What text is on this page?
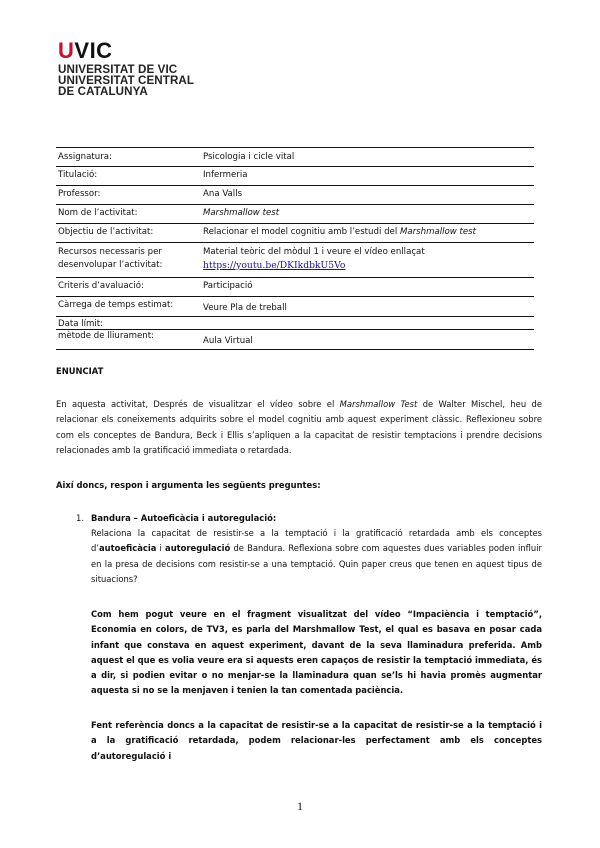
UVIC
UNIVERSITAT DE VIC
UNIVERSITAT CENTRAL
DE CATALUNYA
Assignatura:	Psicologia i cicle vital
Titulació:	Infermeria
Professor:	Ana Valls
Nom de l’activitat:	Marshmallow test
Objectiu de l’activitat:	Relacionar el model cognitiu amb l’estudi del Marshmallow test
Recursos necessaris per desenvolupar l’activitat:	Material teòric del mòdul 1 i veure el vídeo enllaçat
https://youtu.be/DKIkdbkU5Vo
Criteris d’avaluació:	Participació
Càrrega de temps estimat:	Veure Pla de treball
Data límit:	
mètode de lliurament:	Aula Virtual
ENUNCIAT
En aquesta activitat, Després de visualitzar el vídeo sobre el Marshmallow Test de Walter Mischel, heu de relacionar els coneixements adquirits sobre el model cognitiu amb aquest experiment clàssic. Reflexioneu sobre com els conceptes de Bandura, Beck i Ellis s’apliquen a la capacitat de resistir temptacions i prendre decisions relacionades amb la gratificació immediata o retardada.
Així doncs, respon i argumenta les següents preguntes:
1. Bandura – Autoeficàcia i autoregulació:
Relaciona la capacitat de resistir-se a la temptació i la gratificació retardada amb els conceptes d’autoeficàcia i autoregulació de Bandura. Reflexiona sobre com aquestes dues variables poden influir en la presa de decisions com resistir-se a una temptació. Quin paper creus que tenen en aquest tipus de situacions?
Com hem pogut veure en el fragment visualitzat del vídeo “Impaciència i temptació”, Economia en colors, de TV3, es parla del Marshmallow Test, el qual es basava en posar cada infant que constava en aquest experiment, davant de la seva llaminadura preferida. Amb aquest el que es volia veure era si aquests eren capaços de resistir la temptació immediata, és a dir, si podien evitar o no menjar-se la llaminadura quan se’ls hi havia promès augmentar aquesta si no se la menjaven i tenien la tan comentada paciència.
Fent referència doncs a la capacitat de resistir-se a la capacitat de resistir-se a la temptació i a la gratificació retardada, podem relacionar-les perfectament amb els conceptes d’autoregulació i
1
